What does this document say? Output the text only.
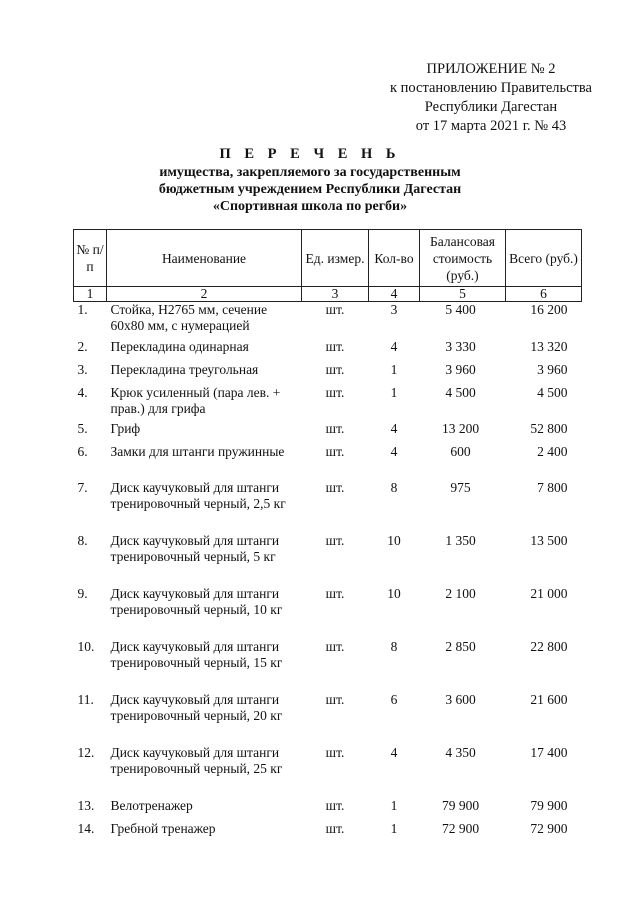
ПРИЛОЖЕНИЕ № 2
к постановлению Правительства
Республики Дагестан
от 17 марта 2021 г. № 43
П Е Р Е Ч Е Н Ь
имущества, закрепляемого за государственным
бюджетным учреждением Республики Дагестан
«Спортивная школа по регби»
№ п/п	Наименование	Ед. измер.	Кол-во	Балансовая стоимость (руб.)	Всего (руб.)
1	2	3	4	5	6
1.	Стойка, Н2765 мм, сечение 60х80 мм, с нумерацией	шт.	3	5 400	16 200
2.	Перекладина одинарная	шт.	4	3 330	13 320
3.	Перекладина треугольная	шт.	1	3 960	3 960
4.	Крюк усиленный (пара лев. + прав.) для грифа	шт.	1	4 500	4 500
5.	Гриф	шт.	4	13 200	52 800
6.	Замки для штанги пружинные	шт.	4	600	2 400
7.	Диск каучуковый для штанги тренировочный черный, 2,5 кг	шт.	8	975	7 800
8.	Диск каучуковый для штанги тренировочный черный, 5 кг	шт.	10	1 350	13 500
9.	Диск каучуковый для штанги тренировочный черный, 10 кг	шт.	10	2 100	21 000
10.	Диск каучуковый для штанги тренировочный черный, 15 кг	шт.	8	2 850	22 800
11.	Диск каучуковый для штанги тренировочный черный, 20 кг	шт.	6	3 600	21 600
12.	Диск каучуковый для штанги тренировочный черный, 25 кг	шт.	4	4 350	17 400
13.	Велотренажер	шт.	1	79 900	79 900
14.	Гребной тренажер	шт.	1	72 900	72 900
